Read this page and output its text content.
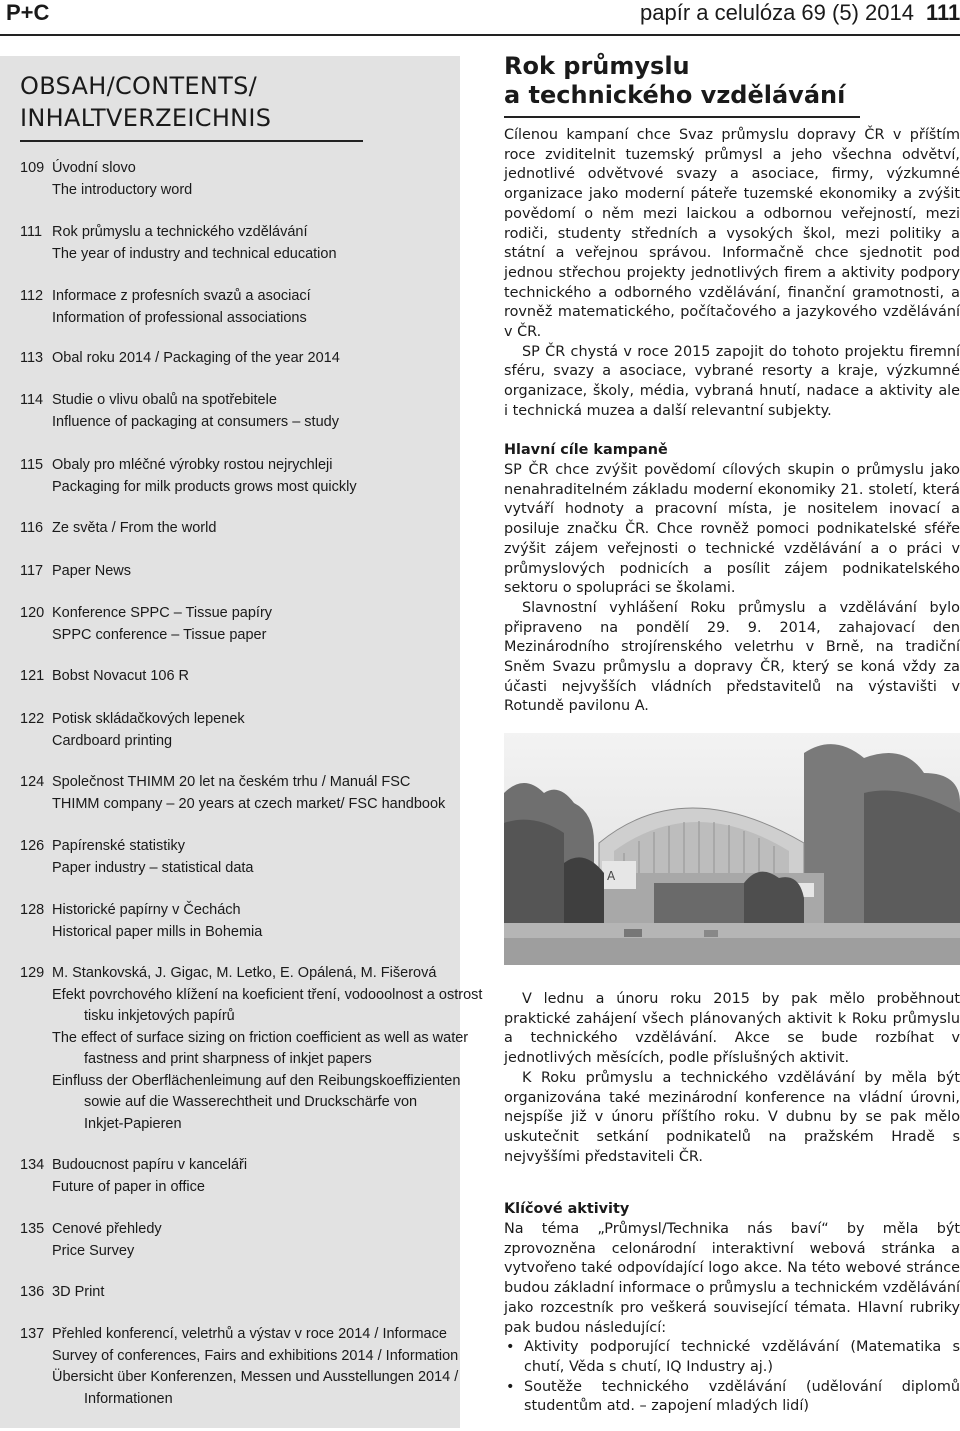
P+C	papír a celulóza 69 (5) 2014 111
OBSAH/CONTENTS/
INHALTVERZEICHNIS
109 Úvodní slovo
The introductory word
111 Rok průmyslu a technického vzdělávání
The year of industry and technical education
112 Informace z profesních svazů a asociací
Information of professional associations
113 Obal roku 2014 / Packaging of the year 2014
114 Studie o vlivu obalů na spotřebitele
Influence of packaging at consumers – study
115 Obaly pro mléčné výrobky rostou nejrychleji
Packaging for milk products grows most quickly
116 Ze světa / From the world
117 Paper News
120 Konference SPPC – Tissue papíry
SPPC conference – Tissue paper
121 Bobst Novacut 106 R
122 Potisk skládačkových lepenek
Cardboard printing
124 Společnost THIMM 20 let na českém trhu / Manuál FSC
THIMM company – 20 years at czech market/ FSC handbook
126 Papírenské statistiky
Paper industry – statistical data
128 Historické papírny v Čechách
Historical paper mills in Bohemia
129 M. Stankovská, J. Gigac, M. Letko, E. Opálená, M. Fišerová
Efekt povrchového klížení na koeficient tření, vodooolnost a ostrost
tisku inkjetových papírů
The effect of surface sizing on friction coefficient as well as water
fastness and print sharpness of inkjet papers
Einfluss der Oberflächenleimung auf den Reibungskoeffizienten
sowie auf die Wasserechtheit und Druckschärfe von
Inkjet-Papieren
134 Budoucnost papíru v kanceláři
Future of paper in office
135 Cenové přehledy
Price Survey
136 3D Print
137 Přehled konferencí, veletrhů a výstav v roce 2014 / Informace
Survey of conferences, Fairs and exhibitions 2014 / Information
Übersicht über Konferenzen, Messen und Ausstellungen 2014 /
Informationen
Rok průmyslu
a technického vzdělávání

Cílenou kampaní chce Svaz průmyslu dopravy ČR v příštím roce zviditelnit tuzemský průmysl a jeho všechna odvětví, jednotlivé odvětvové svazy a asociace, firmy, výzkumné organizace jako moderní páteře tuzemské ekonomiky a zvýšit povědomí o něm mezi laickou a odbornou veřejností, mezi rodiči, studenty středních a vysokých škol, mezi politiky a státní a veřejnou správou. Informačně chce sjednotit pod jednou střechou projekty jednotlivých firem a aktivity podpory technického a odborného vzdělávání, finanční gramotnosti, a rovněž matematického, počítačového a jazykového vzdělávání v ČR.

SP ČR chystá v roce 2015 zapojit do tohoto projektu firemní sféru, svazy a asociace, vybrané resorty a kraje, výzkumné organizace, školy, média, vybraná hnutí, nadace a aktivity ale i technická muzea a další relevantní subjekty.

Hlavní cíle kampaně

SP ČR chce zvýšit povědomí cílových skupin o průmyslu jako nenahraditelném základu moderní ekonomiky 21. století, která vytváří hodnoty a pracovní místa, je nositelem inovací a posiluje značku ČR. Chce rovněž pomoci podnikatelské sféře zvýšit zájem veřejnosti o technické vzdělávání a o práci v průmyslových podnicích a posílit zájem podnikatelského sektoru o spolupráci se školami.

Slavnostní vyhlášení Roku průmyslu a vzdělávání bylo připraveno na pondělí 29. 9. 2014, zahajovací den Mezinárodního strojírenského veletrhu v Brně, na tradiční Sněm Svazu průmyslu a dopravy ČR, který se koná vždy za účasti nejvyšších vládních představitelů na výstavišti v Rotundě pavilonu A.

A

V lednu a únoru roku 2015 by pak mělo proběhnout praktické zahájení všech plánovaných aktivit k Roku průmyslu a technického vzdělávání. Akce se bude rozbíhat v jednotlivých měsících, podle příslušných aktivit.

K Roku průmyslu a technického vzdělávání by měla být organizována také mezinárodní konference na vládní úrovni, nejspíše již v únoru příštího roku. V dubnu by se pak mělo uskutečnit setkání podnikatelů na pražském Hradě s nejvyššími představiteli ČR.

Klíčové aktivity

Na téma „Průmysl/Technika nás baví“ by měla být zprovozněna celonárodní interaktivní webová stránka a vytvořeno také odpovídající logo akce. Na této webové stránce budou základní informace o průmyslu a technickém vzdělávání jako rozcestník pro veškerá související témata. Hlavní rubriky pak budou následující:

• Aktivity podporující technické vzdělávání (Matematika s chutí, Věda s chutí, IQ Industry aj.)
• Soutěže technického vzdělávání (udělování diplomů studentům atd. – zapojení mladých lidí)
